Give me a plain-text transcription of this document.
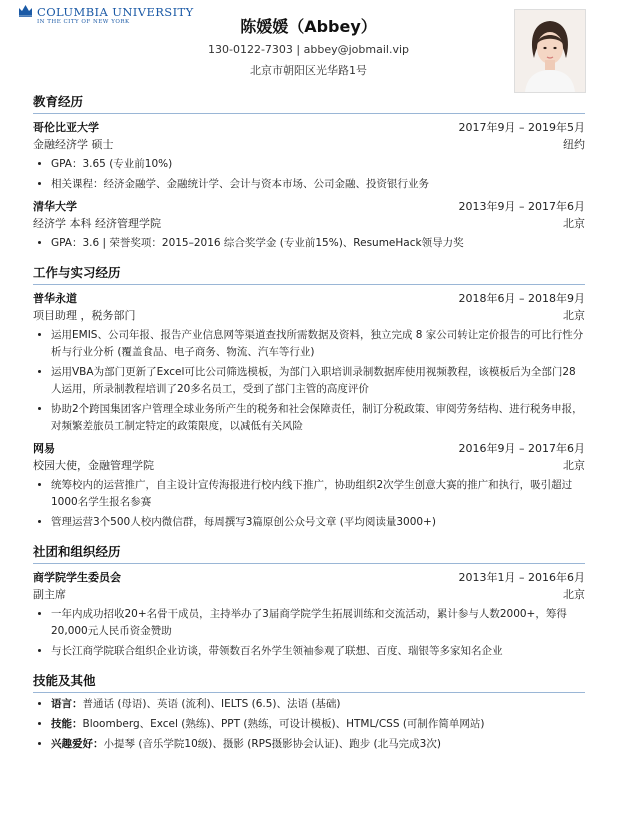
COLUMBIA UNIVERSITY
IN THE CITY OF NEW YORK	陈媛媛（Abbey）
130-0122-7303 | abbey@jobmail.vip
北京市朝阳区光华路1号
教育经历
哥伦比亚大学	2017年9月 – 2019年5月
金融经济学 硕士	纽约
• GPA：3.65 (专业前10%)
• 相关课程：经济金融学、金融统计学、会计与资本市场、公司金融、投资银行业务
清华大学	2013年9月 – 2017年6月
经济学 本科 经济管理学院	北京
• GPA：3.6 | 荣誉奖项：2015–2016 综合奖学金 (专业前15%)、ResumeHack领导力奖
工作与实习经历
普华永道	2018年6月 – 2018年9月
项目助理 ，税务部门	北京
• 运用EMIS、公司年报、报告产业信息网等渠道查找所需数据及资料，独立完成 8 家公司转让定价报告的可比行性分析与行业分析 (覆盖食品、电子商务、物流、汽车等行业)
• 运用VBA为部门更新了Excel可比公司筛选模板，为部门入职培训录制数据库使用视频教程，该模板后为全部门28人运用，所录制教程培训了20多名员工，受到了部门主管的高度评价
• 协助2个跨国集团客户管理全球业务所产生的税务和社会保障责任，制订分税政策、审阅劳务结构、进行税务申报，对频繁差旅员工制定特定的政策限度，以减低有关风险
网易	2016年9月 – 2017年6月
校园大使，金融管理学院	北京
• 统筹校内的运营推广，自主设计宣传海报进行校内线下推广，协助组织2次学生创意大赛的推广和执行，吸引超过1000名学生报名参赛
• 管理运营3个500人校内微信群，每周撰写3篇原创公众号文章 (平均阅读量3000+)
社团和组织经历
商学院学生委员会	2013年1月 – 2016年6月
副主席	北京
• 一年内成功招收20+名骨干成员，主持举办了3届商学院学生拓展训练和交流活动，累计参与人数2000+，筹得20,000元人民币资金赞助
• 与长江商学院联合组织企业访谈，带领数百名外学生领袖参观了联想、百度、瑞银等多家知名企业
技能及其他
• 语言：普通话 (母语)、英语 (流利)、IELTS (6.5)、法语 (基础)
• 技能：Bloomberg、Excel (熟练)、PPT (熟练，可设计模板)、HTML/CSS (可制作简单网站)
• 兴趣爱好：小提琴 (音乐学院10级)、摄影 (RPS摄影协会认证)、跑步 (北马完成3次)
